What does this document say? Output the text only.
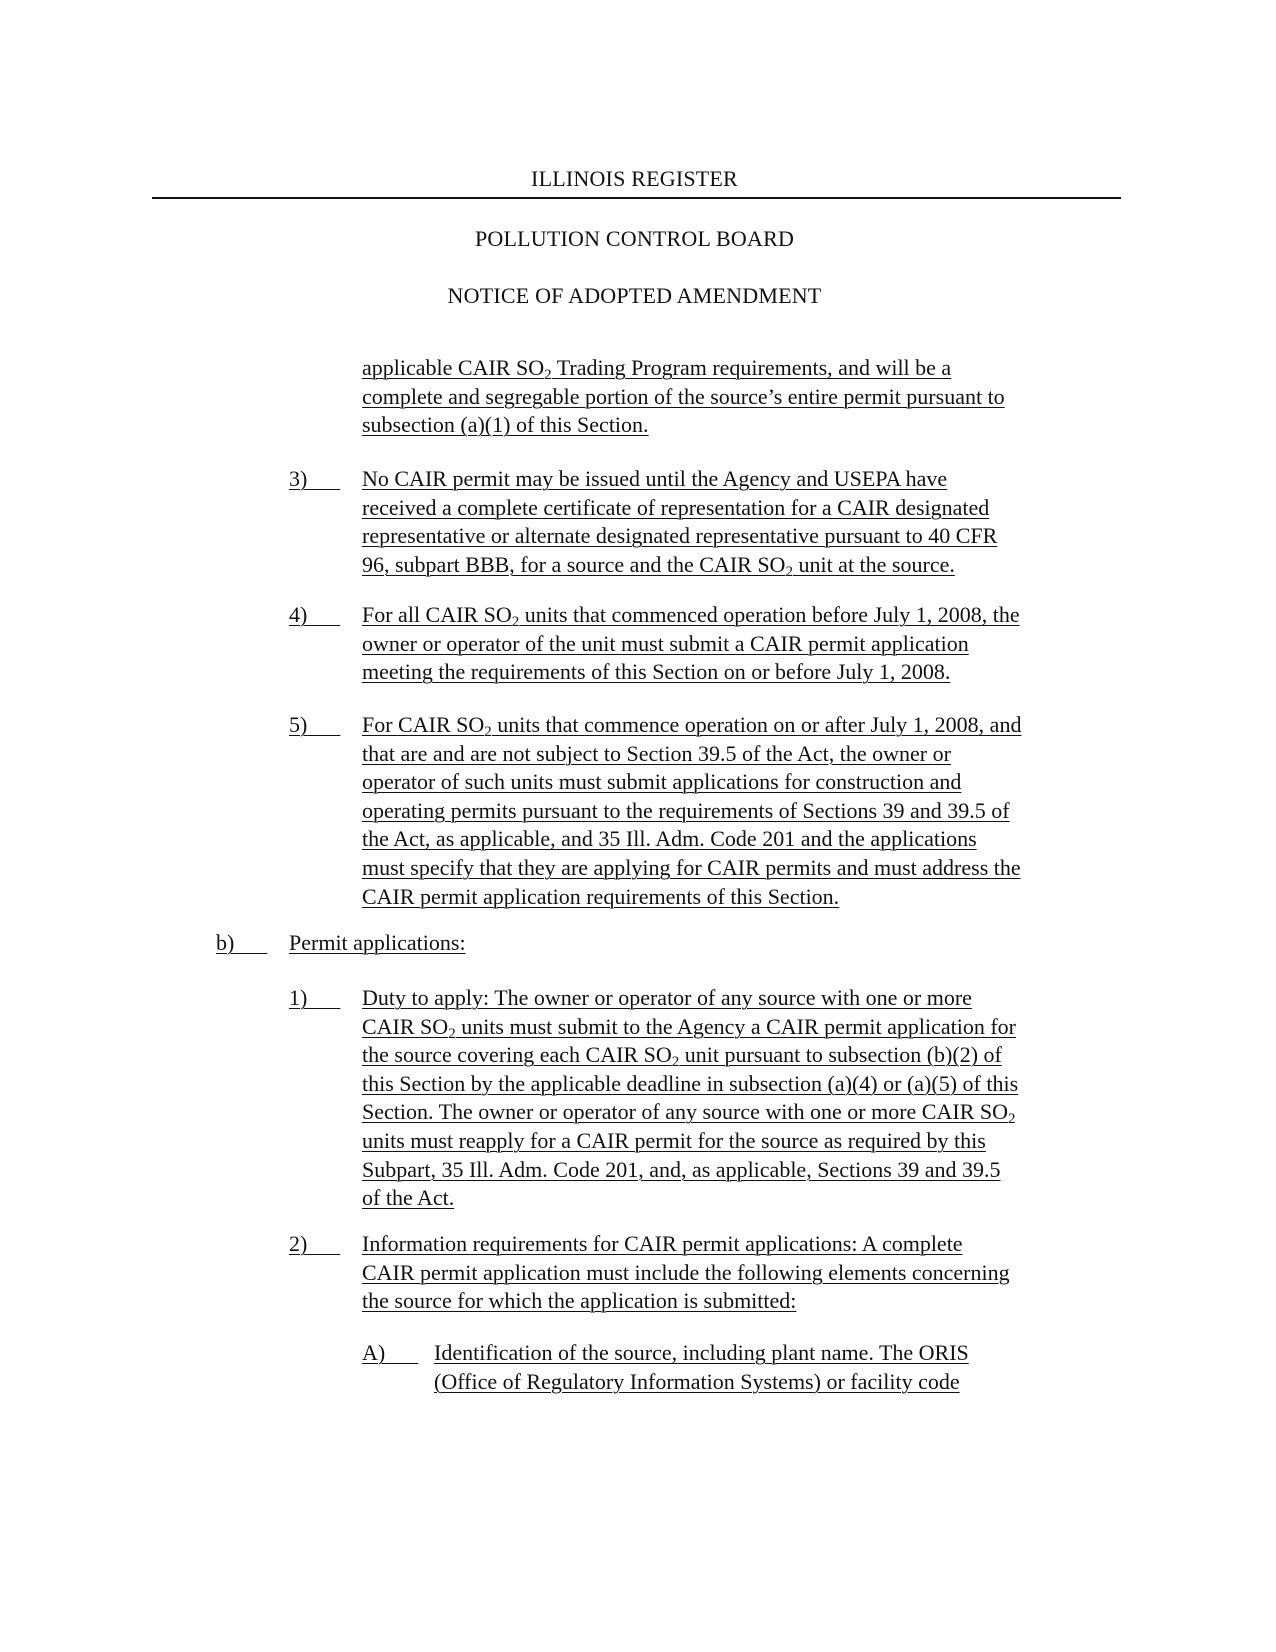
ILLINOIS REGISTER
POLLUTION CONTROL BOARD
NOTICE OF ADOPTED AMENDMENT
applicable CAIR $SO_2$ Trading Program requirements, and will be a
complete and segregable portion of the source’s entire permit pursuant to
subsection (a)(1) of this Section.
3)	No CAIR permit may be issued until the Agency and USEPA have
received a complete certificate of representation for a CAIR designated
representative or alternate designated representative pursuant to 40 CFR
96, subpart BBB, for a source and the CAIR $SO_2$ unit at the source.
4)	For all CAIR $SO_2$ units that commenced operation before July 1, 2008, the
owner or operator of the unit must submit a CAIR permit application
meeting the requirements of this Section on or before July 1, 2008.
5)	For CAIR $SO_2$ units that commence operation on or after July 1, 2008, and
that are and are not subject to Section 39.5 of the Act, the owner or
operator of such units must submit applications for construction and
operating permits pursuant to the requirements of Sections 39 and 39.5 of
the Act, as applicable, and 35 Ill. Adm. Code 201 and the applications
must specify that they are applying for CAIR permits and must address the
CAIR permit application requirements of this Section.
b)	Permit applications:
1)	Duty to apply: The owner or operator of any source with one or more
CAIR $SO_2$ units must submit to the Agency a CAIR permit application for
the source covering each CAIR $SO_2$ unit pursuant to subsection (b)(2) of
this Section by the applicable deadline in subsection (a)(4) or (a)(5) of this
Section. The owner or operator of any source with one or more CAIR $SO_2$
units must reapply for a CAIR permit for the source as required by this
Subpart, 35 Ill. Adm. Code 201, and, as applicable, Sections 39 and 39.5
of the Act.
2)	Information requirements for CAIR permit applications: A complete
CAIR permit application must include the following elements concerning
the source for which the application is submitted:
A)	Identification of the source, including plant name. The ORIS
(Office of Regulatory Information Systems) or facility code
